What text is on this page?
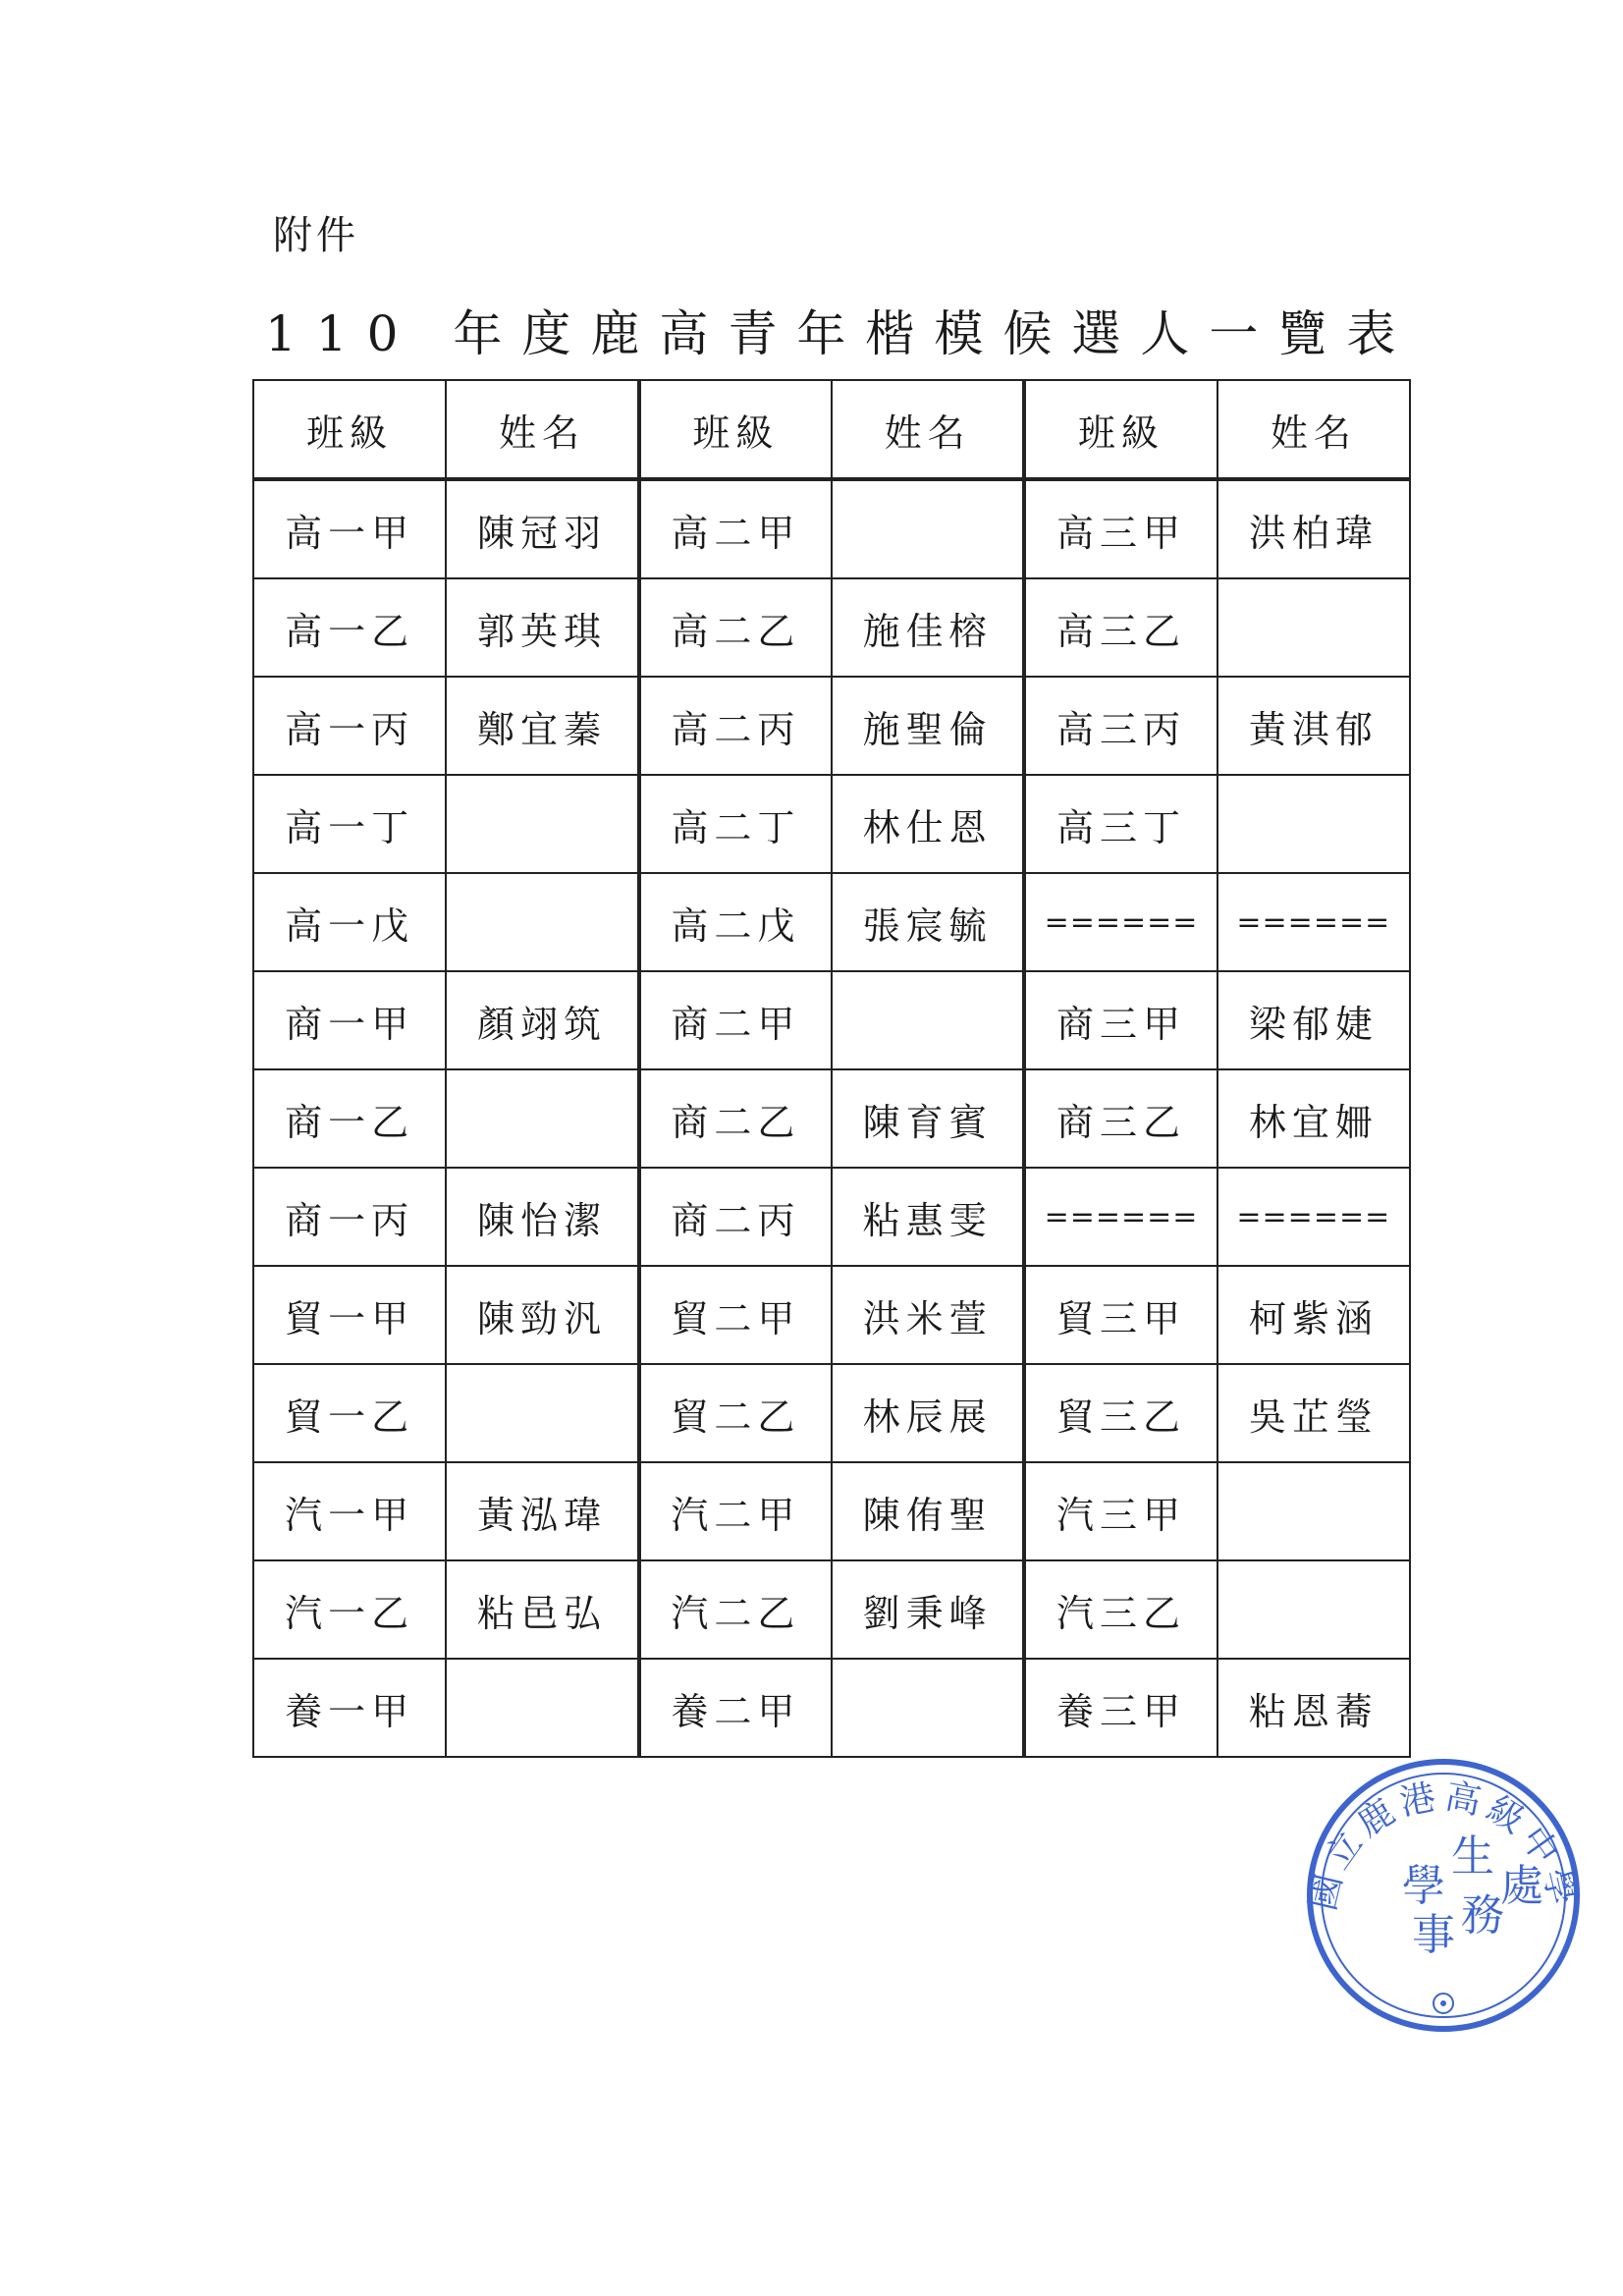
附件
110 年度鹿高青年楷模候選人一覽表
班級	姓名	班級	姓名	班級	姓名
高一甲	陳冠羽	高二甲		高三甲	洪柏瑋
高一乙	郭英琪	高二乙	施佳榕	高三乙	
高一丙	鄭宜蓁	高二丙	施聖倫	高三丙	黃淇郁
高一丁		高二丁	林仕恩	高三丁	
高一戊		高二戊	張宸毓	======	======
商一甲	顏翊筑	商二甲		商三甲	梁郁婕
商一乙		商二乙	陳育賓	商三乙	林宜姍
商一丙	陳怡潔	商二丙	粘惠雯	======	======
貿一甲	陳勁汎	貿二甲	洪米萱	貿三甲	柯紫涵
貿一乙		貿二乙	林辰展	貿三乙	吳芷瑩
汽一甲	黃泓瑋	汽二甲	陳侑聖	汽三甲	
汽一乙	粘邑弘	汽二乙	劉秉峰	汽三乙	
養一甲		養二甲		養三甲	粘恩蕎
國立鹿港高級中學
學
生
事 務
處
